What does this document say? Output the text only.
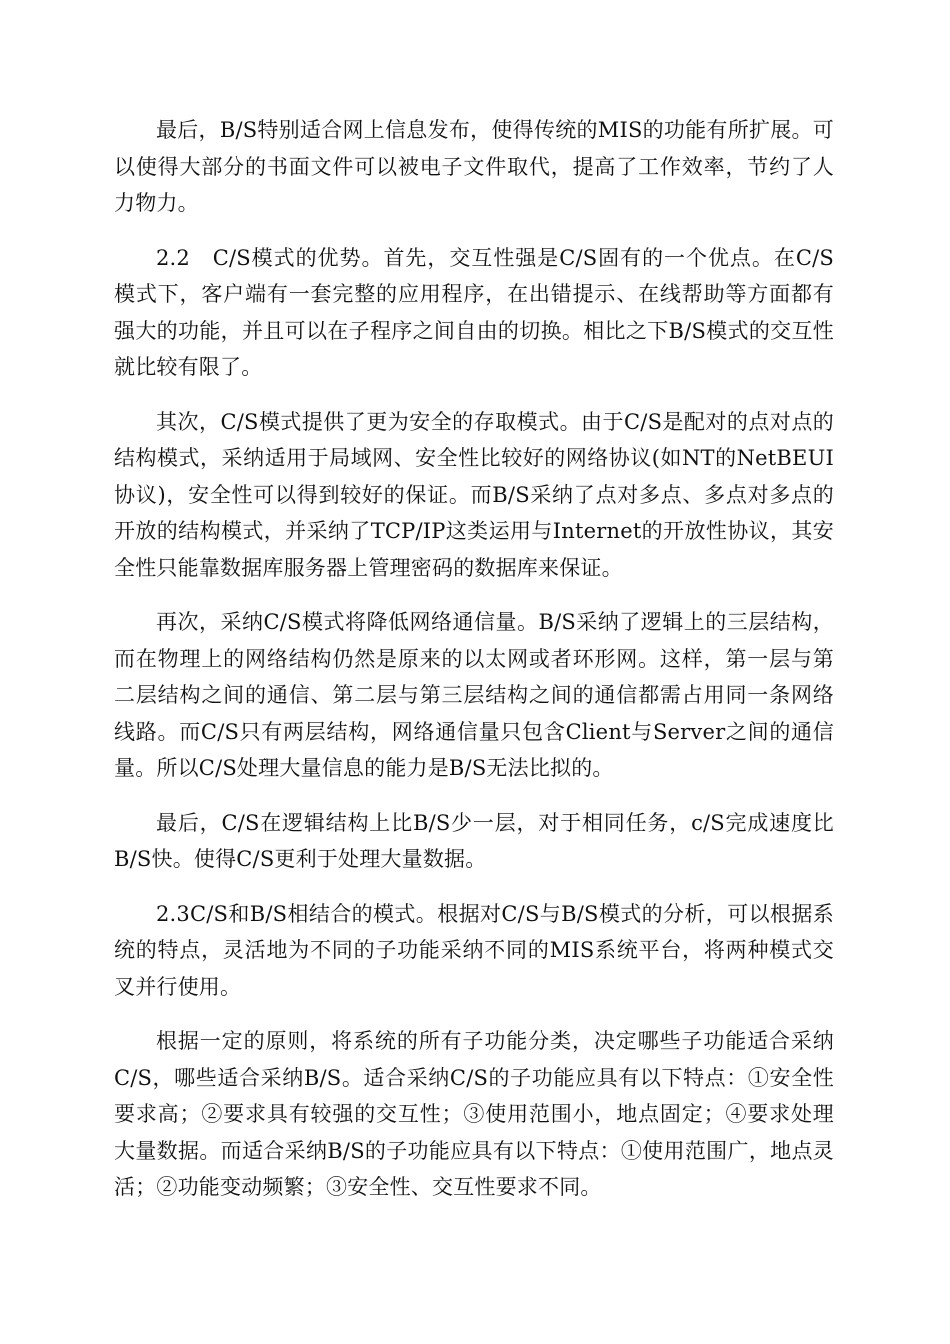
最后，B/S特别适合网上信息发布，使得传统的MIS的功能有所扩展。可以使得大部分的书面文件可以被电子文件取代，提高了工作效率，节约了人力物力。

2.2　C/S模式的优势。首先，交互性强是C/S固有的一个优点。在C/S模式下，客户端有一套完整的应用程序，在出错提示、在线帮助等方面都有强大的功能，并且可以在子程序之间自由的切换。相比之下B/S模式的交互性就比较有限了。

其次，C/S模式提供了更为安全的存取模式。由于C/S是配对的点对点的结构模式，采纳适用于局域网、安全性比较好的网络协议(如NT的NetBEUI协议)，安全性可以得到较好的保证。而B/S采纳了点对多点、多点对多点的开放的结构模式，并采纳了TCP/IP这类运用与Internet的开放性协议，其安全性只能靠数据库服务器上管理密码的数据库来保证。

再次，采纳C/S模式将降低网络通信量。B/S采纳了逻辑上的三层结构，而在物理上的网络结构仍然是原来的以太网或者环形网。这样，第一层与第二层结构之间的通信、第二层与第三层结构之间的通信都需占用同一条网络线路。而C/S只有两层结构，网络通信量只包含Client与Server之间的通信量。所以C/S处理大量信息的能力是B/S无法比拟的。

最后，C/S在逻辑结构上比B/S少一层，对于相同任务，c/S完成速度比B/S快。使得C/S更利于处理大量数据。

2.3C/S和B/S相结合的模式。根据对C/S与B/S模式的分析，可以根据系统的特点，灵活地为不同的子功能采纳不同的MIS系统平台，将两种模式交叉并行使用。

根据一定的原则，将系统的所有子功能分类，决定哪些子功能适合采纳C/S，哪些适合采纳B/S。适合采纳C/S的子功能应具有以下特点：①安全性要求高；②要求具有较强的交互性；③使用范围小，地点固定；④要求处理大量数据。而适合采纳B/S的子功能应具有以下特点：①使用范围广，地点灵活；②功能变动频繁；③安全性、交互性要求不同。
